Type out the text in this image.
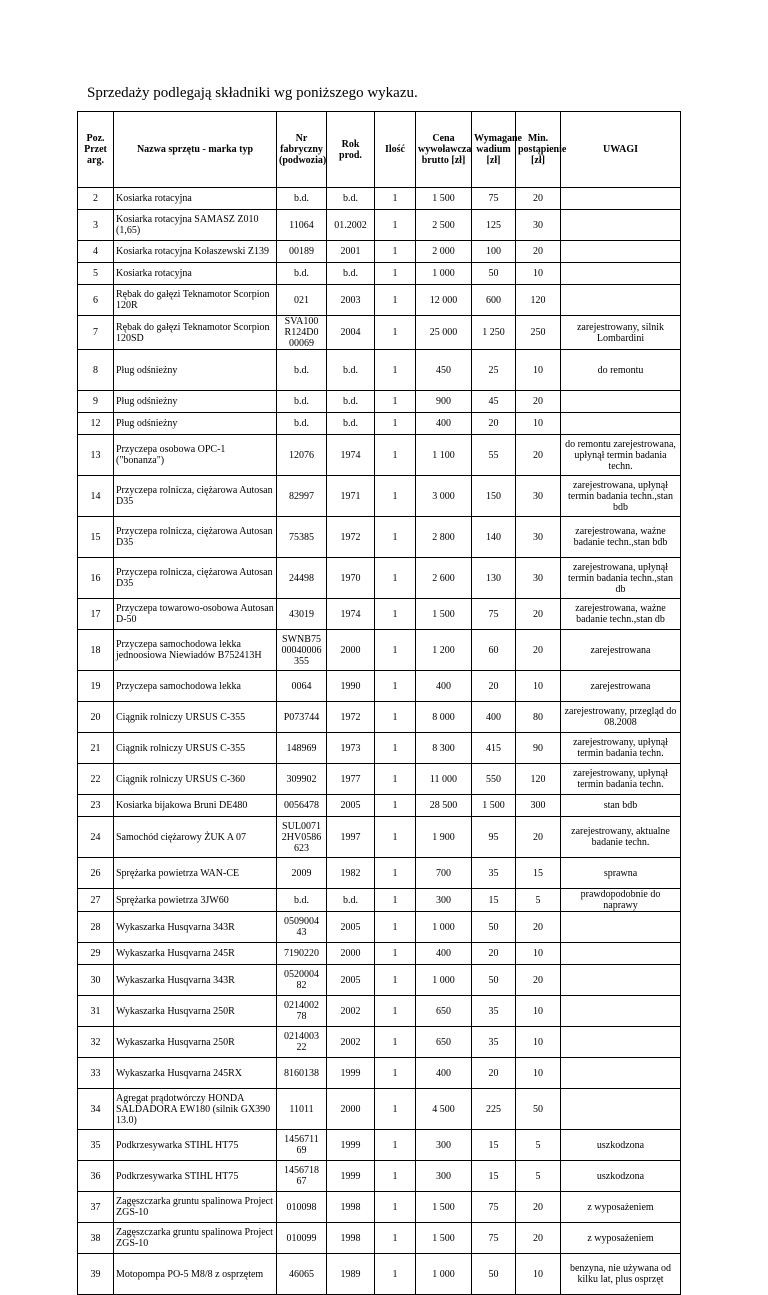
Sprzedaży podlegają składniki wg poniższego wykazu.
Poz. Przet arg.	Nazwa sprzętu - marka typ	Nr fabryczny (podwozia)	Rok prod.	Ilość	Cena wywoławcza brutto [zł]	Wymagane wadium [zł]	Min. postąpienie [zł]	UWAGI
2	Kosiarka rotacyjna	b.d.	b.d.	1	1 500	75	20	
3	Kosiarka rotacyjna SAMASZ Z010 (1,65)	11064	01.2002	1	2 500	125	30	
4	Kosiarka rotacyjna Kołaszewski Z139	00189	2001	1	2 000	100	20	
5	Kosiarka rotacyjna	b.d.	b.d.	1	1 000	50	10	
6	Rębak do gałęzi Teknamotor Scorpion 120R	021	2003	1	12 000	600	120	
7	Rębak do gałęzi Teknamotor Scorpion 120SD	SVA100 R124D0 00069	2004	1	25 000	1 250	250	zarejestrowany, silnik Lombardini
8	Pług odśnieżny	b.d.	b.d.	1	450	25	10	do remontu
9	Pług odśnieżny	b.d.	b.d.	1	900	45	20	
12	Pług odśnieżny	b.d.	b.d.	1	400	20	10	
13	Przyczepa osobowa OPC-1 ("bonanza")	12076	1974	1	1 100	55	20	do remontu zarejestrowana, upłynął termin badania techn.
14	Przyczepa rolnicza, ciężarowa Autosan D35	82997	1971	1	3 000	150	30	zarejestrowana, upłynął termin badania techn.,stan bdb
15	Przyczepa rolnicza, ciężarowa Autosan D35	75385	1972	1	2 800	140	30	zarejestrowana, ważne badanie techn.,stan bdb
16	Przyczepa rolnicza, ciężarowa Autosan D35	24498	1970	1	2 600	130	30	zarejestrowana, upłynął termin badania techn.,stan db
17	Przyczepa towarowo-osobowa Autosan D-50	43019	1974	1	1 500	75	20	zarejestrowana, ważne badanie techn.,stan db
18	Przyczepa samochodowa lekka jednoosiowa Niewiadów B752413H	SWNB75 00040006 355	2000	1	1 200	60	20	zarejestrowana
19	Przyczepa samochodowa lekka	0064	1990	1	400	20	10	zarejestrowana
20	Ciągnik rolniczy URSUS C-355	P073744	1972	1	8 000	400	80	zarejestrowany, przegląd do 08.2008
21	Ciągnik rolniczy URSUS C-355	148969	1973	1	8 300	415	90	zarejestrowany, upłynął termin badania techn.
22	Ciągnik rolniczy URSUS C-360	309902	1977	1	11 000	550	120	zarejestrowany, upłynął termin badania techn.
23	Kosiarka bijakowa Bruni DE480	0056478	2005	1	28 500	1 500	300	stan bdb
24	Samochód ciężarowy ŻUK A 07	SUL0071 2HV0586 623	1997	1	1 900	95	20	zarejestrowany, aktualne badanie techn.
26	Sprężarka powietrza WAN-CE	2009	1982	1	700	35	15	sprawna
27	Sprężarka powietrza 3JW60	b.d.	b.d.	1	300	15	5	prawdopodobnie do naprawy
28	Wykaszarka Husqvarna 343R	0509004 43	2005	1	1 000	50	20	
29	Wykaszarka Husqvarna 245R	7190220	2000	1	400	20	10	
30	Wykaszarka Husqvarna 343R	0520004 82	2005	1	1 000	50	20	
31	Wykaszarka Husqvarna 250R	0214002 78	2002	1	650	35	10	
32	Wykaszarka Husqvarna 250R	0214003 22	2002	1	650	35	10	
33	Wykaszarka Husqvarna 245RX	8160138	1999	1	400	20	10	
34	Agregat prądotwórczy HONDA SALDADORA EW180 (silnik GX390 13.0)	11011	2000	1	4 500	225	50	
35	Podkrzesywarka STIHL HT75	1456711 69	1999	1	300	15	5	uszkodzona
36	Podkrzesywarka STIHL HT75	1456718 67	1999	1	300	15	5	uszkodzona
37	Zagęszczarka gruntu spalinowa Project ZGS-10	010098	1998	1	1 500	75	20	z wyposażeniem
38	Zagęszczarka gruntu spalinowa Project ZGS-10	010099	1998	1	1 500	75	20	z wyposażeniem
39	Motopompa PO-5 M8/8 z osprzętem	46065	1989	1	1 000	50	10	benzyna, nie używana od kilku lat, plus osprzęt
